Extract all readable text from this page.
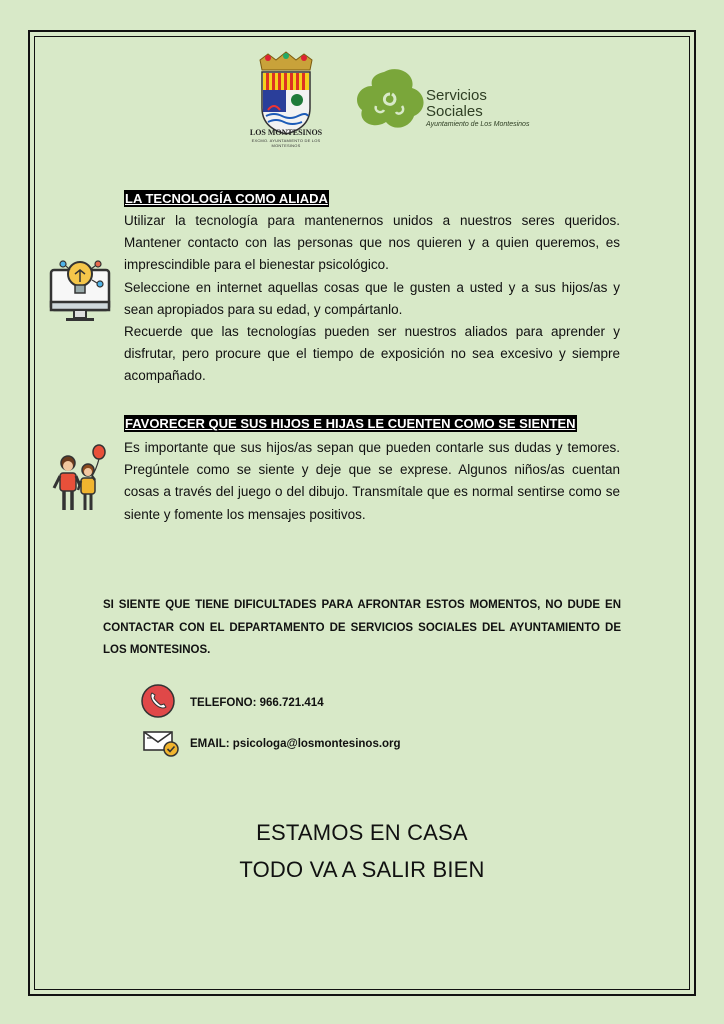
LOS MONTESINOS
EXCMO. AYUNTAMIENTO DE LOS MONTESINOS
Servicios
Sociales
Ayuntamiento de Los Montesinos
LA TECNOLOGÍA COMO ALIADA

Utilizar la tecnología para mantenernos unidos a nuestros seres queridos. Mantener contacto con las personas que nos quieren y a quien queremos, es imprescindible para el bienestar psicológico.

Seleccione en internet aquellas cosas que le gusten a usted y a sus hijos/as y sean apropiados para su edad, y compártanlo.

Recuerde que las tecnologías pueden ser nuestros aliados para aprender y disfrutar, pero procure que el tiempo de exposición no sea excesivo y siempre acompañado.

FAVORECER QUE SUS HIJOS E HIJAS LE CUENTEN COMO SE SIENTEN

Es importante que sus hijos/as sepan que pueden contarle sus dudas y temores. Pregúntele como se siente y deje que se exprese. Algunos niños/as cuentan cosas a través del juego o del dibujo. Transmítale que es normal sentirse como se siente y fomente los mensajes positivos.

SI SIENTE QUE TIENE DIFICULTADES PARA AFRONTAR ESTOS MOMENTOS, NO DUDE EN CONTACTAR CON EL DEPARTAMENTO DE SERVICIOS SOCIALES DEL AYUNTAMIENTO DE LOS MONTESINOS.
TELEFONO: 966.721.414
EMAIL: psicologa@losmontesinos.org
ESTAMOS EN CASA
TODO VA A SALIR BIEN
